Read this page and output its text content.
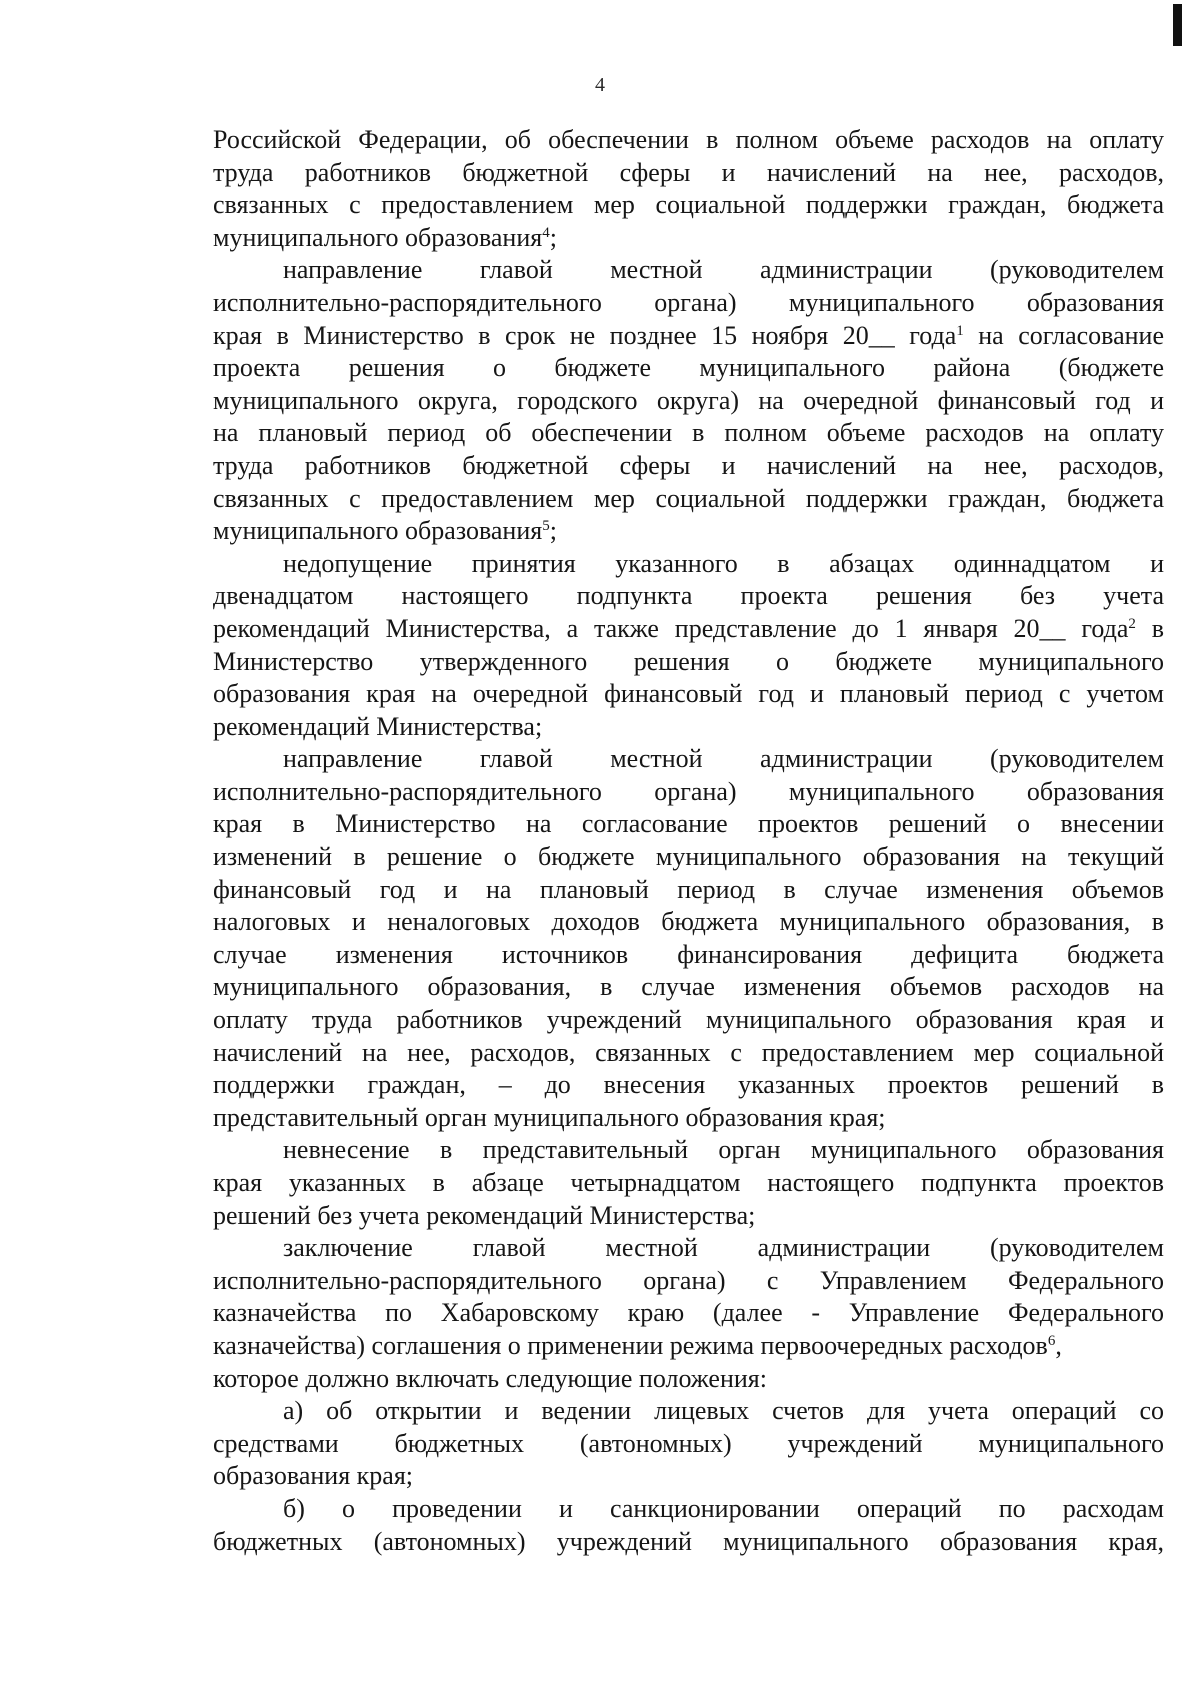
4
Российской Федерации, об обеспечении в полном объеме расходов на оплату
труда работников бюджетной сферы и начислений на нее, расходов,
связанных с предоставлением мер социальной поддержки граждан, бюджета
муниципального образования$^4$;
направление главой местной администрации (руководителем
исполнительно-распорядительного органа) муниципального образования
края в Министерство в срок не позднее 15 ноября 20__ года$^1$ на согласование
проекта решения о бюджете муниципального района (бюджете
муниципального округа, городского округа) на очередной финансовый год и
на плановый период об обеспечении в полном объеме расходов на оплату
труда работников бюджетной сферы и начислений на нее, расходов,
связанных с предоставлением мер социальной поддержки граждан, бюджета
муниципального образования$^5$;
недопущение принятия указанного в абзацах одиннадцатом и
двенадцатом настоящего подпункта проекта решения без учета
рекомендаций Министерства, а также представление до 1 января 20__ года$^2$ в
Министерство утвержденного решения о бюджете муниципального
образования края на очередной финансовый год и плановый период с учетом
рекомендаций Министерства;
направление главой местной администрации (руководителем
исполнительно-распорядительного органа) муниципального образования
края в Министерство на согласование проектов решений о внесении
изменений в решение о бюджете муниципального образования на текущий
финансовый год и на плановый период в случае изменения объемов
налоговых и неналоговых доходов бюджета муниципального образования, в
случае изменения источников финансирования дефицита бюджета
муниципального образования, в случае изменения объемов расходов на
оплату труда работников учреждений муниципального образования края и
начислений на нее, расходов, связанных с предоставлением мер социальной
поддержки граждан, – до внесения указанных проектов решений в
представительный орган муниципального образования края;
невнесение в представительный орган муниципального образования
края указанных в абзаце четырнадцатом настоящего подпункта проектов
решений без учета рекомендаций Министерства;
заключение главой местной администрации (руководителем
исполнительно-распорядительного органа) с Управлением Федерального
казначейства по Хабаровскому краю (далее - Управление Федерального
казначейства) соглашения о применении режима первоочередных расходов$^6$,
которое должно включать следующие положения:
а) об открытии и ведении лицевых счетов для учета операций со
средствами бюджетных (автономных) учреждений муниципального
образования края;
б) о проведении и санкционировании операций по расходам
бюджетных (автономных) учреждений муниципального образования края,
